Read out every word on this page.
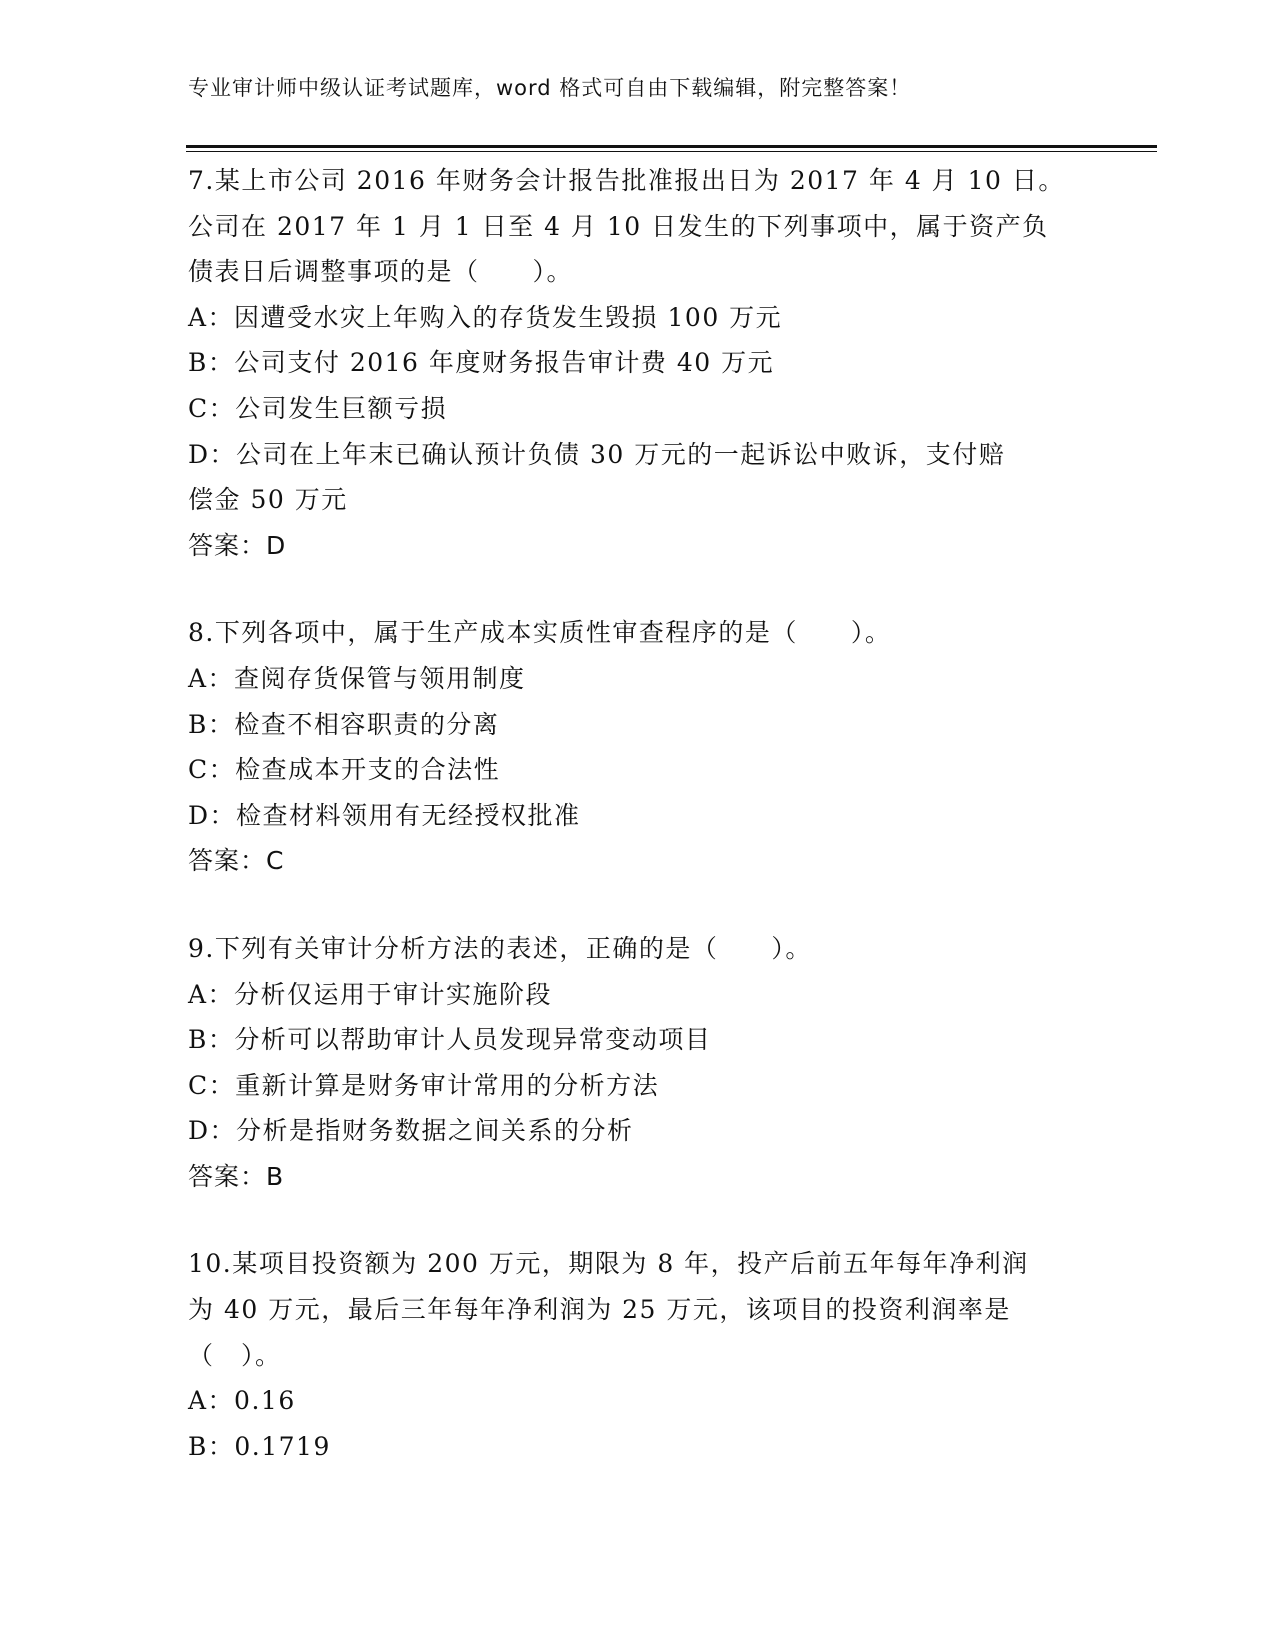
专业审计师中级认证考试题库，word 格式可自由下载编辑，附完整答案！
7.某上市公司 2016 年财务会计报告批准报出日为 2017 年 4 月 10 日。
公司在 2017 年 1 月 1 日至 4 月 10 日发生的下列事项中，属于资产负
债表日后调整事项的是（　　）。
A：因遭受水灾上年购入的存货发生毁损 100 万元
B：公司支付 2016 年度财务报告审计费 40 万元
C：公司发生巨额亏损
D：公司在上年末已确认预计负债 30 万元的一起诉讼中败诉，支付赔
偿金 50 万元
答案：D
8.下列各项中，属于生产成本实质性审查程序的是（　　）。
A：查阅存货保管与领用制度
B：检查不相容职责的分离
C：检查成本开支的合法性
D：检查材料领用有无经授权批准
答案：C
9.下列有关审计分析方法的表述，正确的是（　　）。
A：分析仅运用于审计实施阶段
B：分析可以帮助审计人员发现异常变动项目
C：重新计算是财务审计常用的分析方法
D：分析是指财务数据之间关系的分析
答案：B
10.某项目投资额为 200 万元，期限为 8 年，投产后前五年每年净利润
为 40 万元，最后三年每年净利润为 25 万元，该项目的投资利润率是
（　）。
A：0.16
B：0.1719
